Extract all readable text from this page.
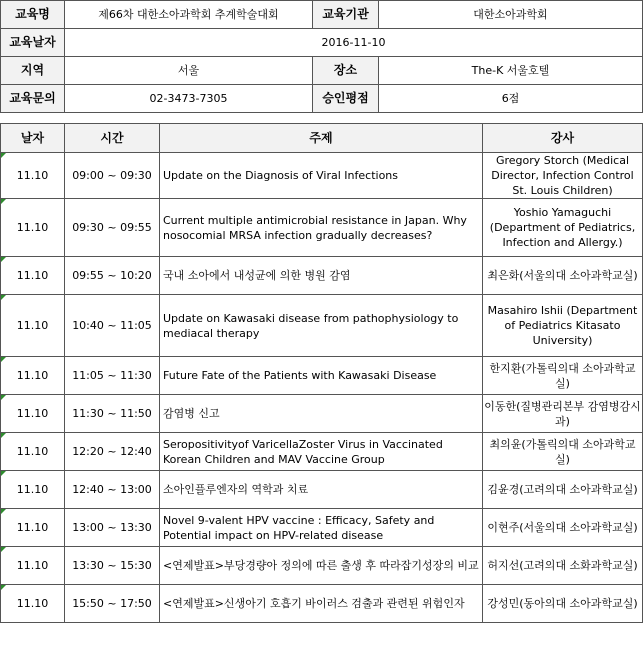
교육명	제66차 대한소아과학회 추계학술대회	교육기관	대한소아과학회
교육날자	2016-11-10		
지역	서울	장소	The-K 서울호텔
교육문의	02-3473-7305	승인평점	6점
날자	시간	주제	강사

11.10	09:00 ~ 09:30	Update on the Diagnosis of Viral Infections	Gregory Storch (Medical Director, Infection Control St. Louis Children)

11.10	09:30 ~ 09:55	Current multiple antimicrobial resistance in Japan. Why nosocomial MRSA infection gradually decreases?	Yoshio Yamaguchi (Department of Pediatrics, Infection and Allergy.)

11.10	09:55 ~ 10:20	국내 소아에서 내성균에 의한 병원 감염	최은화(서울의대 소아과학교실)

11.10	10:40 ~ 11:05	Update on Kawasaki disease from pathophysiology to mediacal therapy	Masahiro Ishii (Department of Pediatrics Kitasato University)

11.10	11:05 ~ 11:30	Future Fate of the Patients with Kawasaki Disease	한지환(가톨릭의대 소아과학교실)

11.10	11:30 ~ 11:50	감염병 신고	이동한(질병관리본부 감염병감시과)

11.10	12:20 ~ 12:40	Seropositivityof VaricellaZoster Virus in Vaccinated Korean Children and MAV Vaccine Group	최의윤(가톨릭의대 소아과학교실)

11.10	12:40 ~ 13:00	소아인플루엔자의 역학과 치료	김윤경(고려의대 소아과학교실)

11.10	13:00 ~ 13:30	Novel 9-valent HPV vaccine : Efficacy, Safety and Potential impact on HPV-related disease	이현주(서울의대 소아과학교실)

11.10	13:30 ~ 15:30	<연제발표>부당경량아 정의에 따른 출생 후 따라잡기성장의 비교	허지선(고려의대 소화과학교실)

11.10	15:50 ~ 17:50	<연제발표>신생아기 호흡기 바이러스 검출과 관련된 위험인자	강성민(동아의대 소아과학교실)
